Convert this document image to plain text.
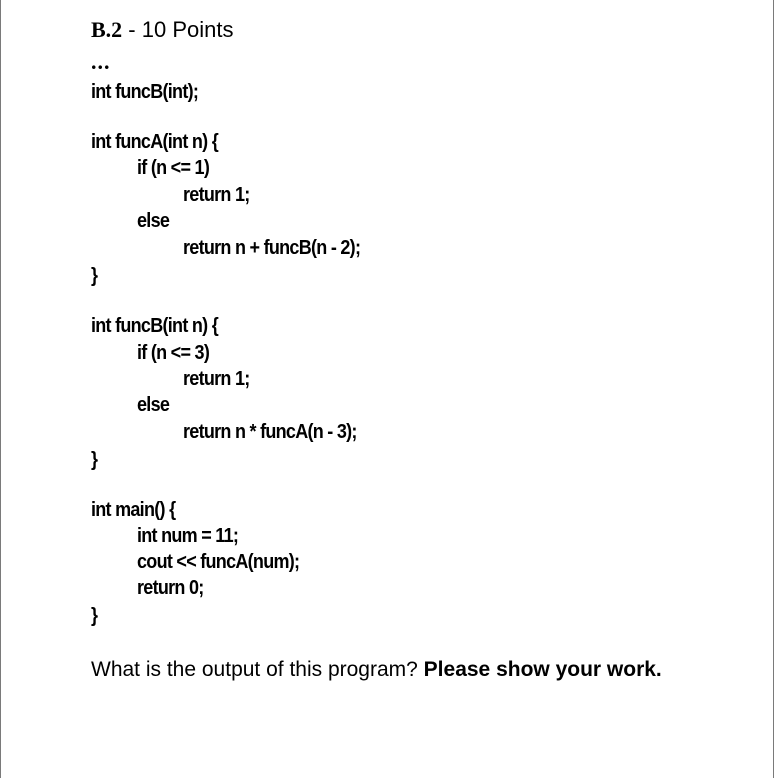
B.2 - 10 Points
...
int funcB(int);
int funcA(int n) {
if (n <= 1)
return 1;
else
return n + funcB(n - 2);
}
int funcB(int n) {
if (n <= 3)
return 1;
else
return n * funcA(n - 3);
}
int main() {
int num = 11;
cout << funcA(num);
return 0;
}
What is the output of this program? Please show your work.
